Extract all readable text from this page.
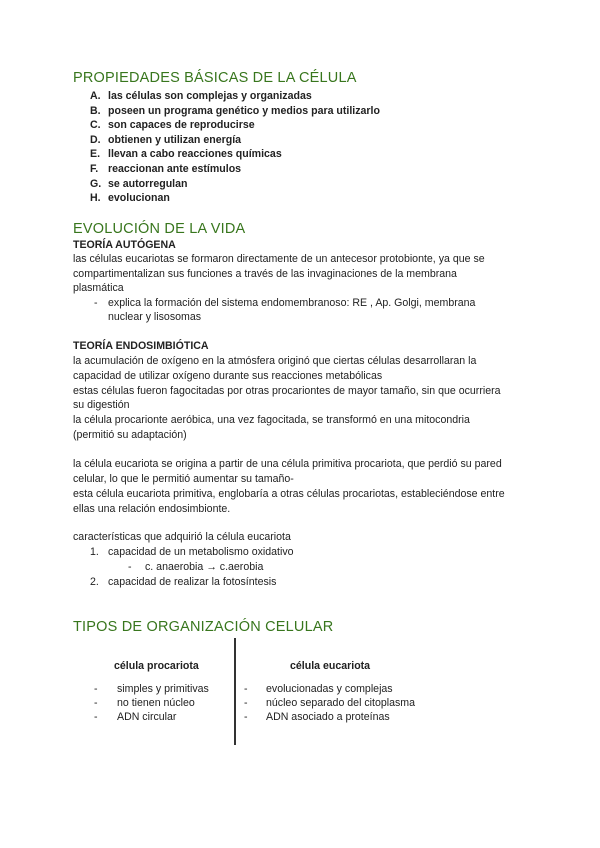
PROPIEDADES BÁSICAS DE LA CÉLULA
A. las células son complejas y organizadas
B. poseen un programa genético y medios para utilizarlo
C. son capaces de reproducirse
D. obtienen y utilizan energía
E. llevan a cabo reacciones químicas
F. reaccionan ante estímulos
G. se autorregulan
H. evolucionan
EVOLUCIÓN DE LA VIDA
TEORÍA AUTÓGENA
las células eucariotas se formaron directamente de un antecesor protobionte, ya que se
compartimentalizan sus funciones a través de las invaginaciones de la membrana
plasmática
- explica la formación del sistema endomembranoso: RE , Ap. Golgi, membrana
nuclear y lisosomas
TEORÍA ENDOSIMBIÓTICA
la acumulación de oxígeno en la atmósfera originó que ciertas células desarrollaran la
capacidad de utilizar oxígeno durante sus reacciones metabólicas
estas células fueron fagocitadas por otras procariontes de mayor tamaño, sin que ocurriera
su digestión
la célula procarionte aeróbica, una vez fagocitada, se transformó en una mitocondria
(permitió su adaptación)
la célula eucariota se origina a partir de una célula primitiva procariota, que perdió su pared
celular, lo que le permitió aumentar su tamaño-
esta célula eucariota primitiva, englobaría a otras células procariotas, estableciéndose entre
ellas una relación endosimbionte.
características que adquirió la célula eucariota
1. capacidad de un metabolismo oxidativo
- c. anaerobia → c.aerobia
2. capacidad de realizar la fotosíntesis
TIPOS DE ORGANIZACIÓN CELULAR
célula procariota	célula eucariota
- simples y primitivas	- evolucionadas y complejas
- no tienen núcleo	- núcleo separado del citoplasma
- ADN circular	- ADN asociado a proteínas
